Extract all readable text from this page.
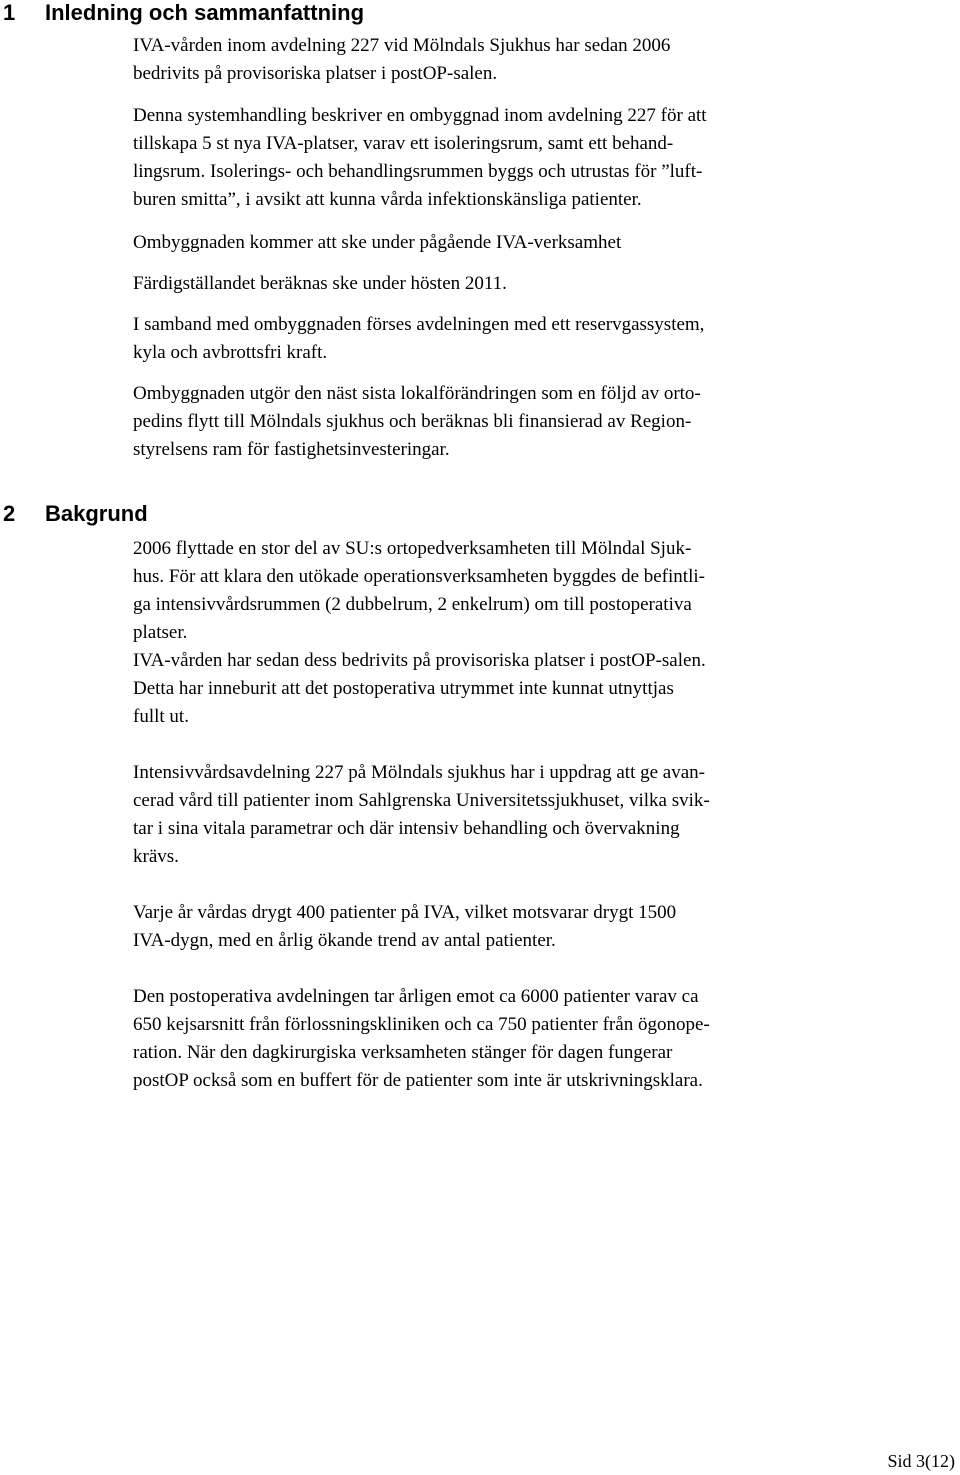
1 Inledning och sammanfattning

IVA-vården inom avdelning 227 vid Mölndals Sjukhus har sedan 2006
bedrivits på provisoriska platser i postOP-salen.

Denna systemhandling beskriver en ombyggnad inom avdelning 227 för att
tillskapa 5 st nya IVA-platser, varav ett isoleringsrum, samt ett behand-
lingsrum. Isolerings- och behandlingsrummen byggs och utrustas för ”luft-
buren smitta”, i avsikt att kunna vårda infektionskänsliga patienter.

Ombyggnaden kommer att ske under pågående IVA-verksamhet

Färdigställandet beräknas ske under hösten 2011.

I samband med ombyggnaden förses avdelningen med ett reservgassystem,
kyla och avbrottsfri kraft.

Ombyggnaden utgör den näst sista lokalförändringen som en följd av orto-
pedins flytt till Mölndals sjukhus och beräknas bli finansierad av Region-
styrelsens ram för fastighetsinvesteringar.

2 Bakgrund

2006 flyttade en stor del av SU:s ortopedverksamheten till Mölndal Sjuk-
hus. För att klara den utökade operationsverksamheten byggdes de befintli-
ga intensivvårdsrummen (2 dubbelrum, 2 enkelrum) om till postoperativa
platser.
IVA-vården har sedan dess bedrivits på provisoriska platser i postOP-salen.
Detta har inneburit att det postoperativa utrymmet inte kunnat utnyttjas
fullt ut.

Intensivvårdsavdelning 227 på Mölndals sjukhus har i uppdrag att ge avan-
cerad vård till patienter inom Sahlgrenska Universitetssjukhuset, vilka svik-
tar i sina vitala parametrar och där intensiv behandling och övervakning
krävs.

Varje år vårdas drygt 400 patienter på IVA, vilket motsvarar drygt 1500
IVA-dygn, med en årlig ökande trend av antal patienter.

Den postoperativa avdelningen tar årligen emot ca 6000 patienter varav ca
650 kejsarsnitt från förlossningskliniken och ca 750 patienter från ögonope-
ration. När den dagkirurgiska verksamheten stänger för dagen fungerar
postOP också som en buffert för de patienter som inte är utskrivningsklara.

Sid 3(12)
